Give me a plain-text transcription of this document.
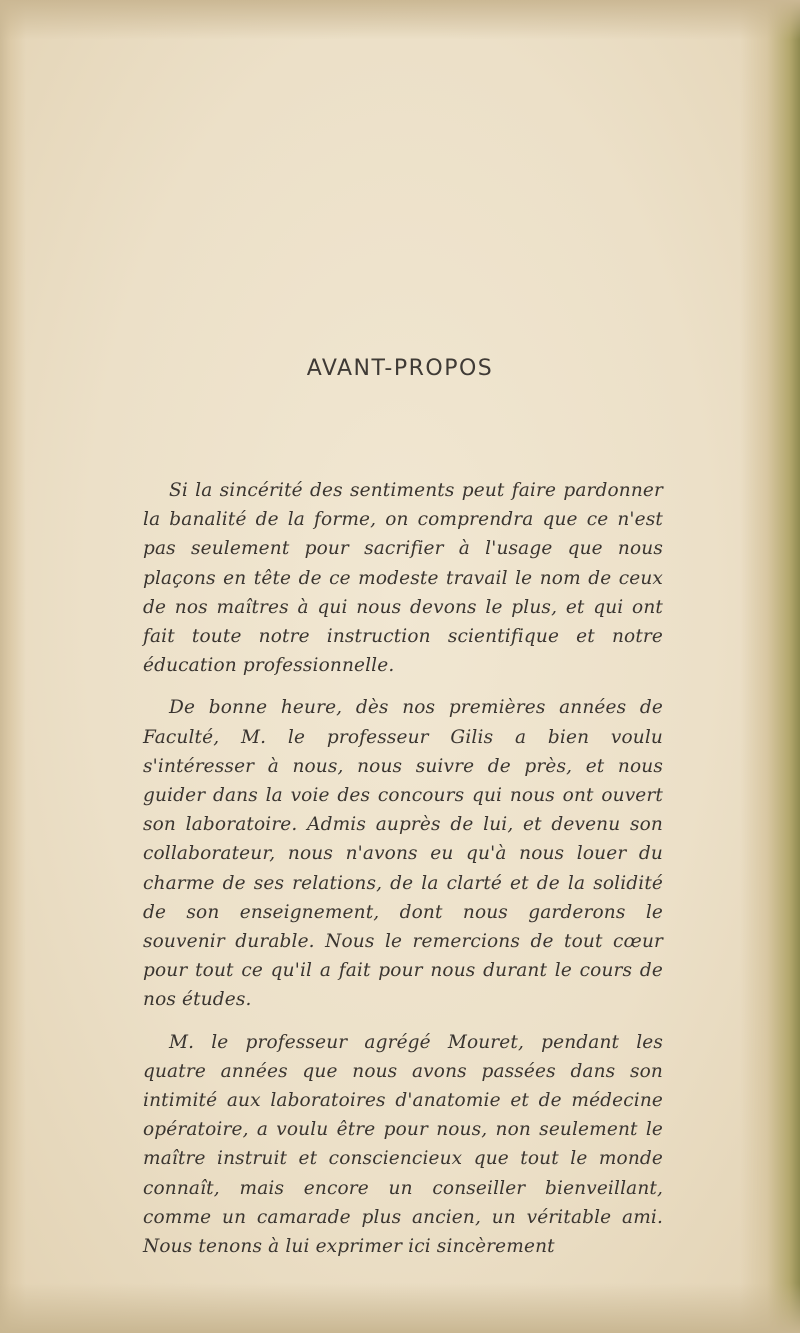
AVANT-PROPOS

Si la sincérité des sentiments peut faire pardonner la banalité de la forme, on comprendra que ce n'est pas seulement pour sacrifier à l'usage que nous plaçons en tête de ce modeste travail le nom de ceux de nos maîtres à qui nous devons le plus, et qui ont fait toute notre instruction scientifique et notre éducation professionnelle.

De bonne heure, dès nos premières années de Faculté, M. le professeur Gilis a bien voulu s'intéresser à nous, nous suivre de près, et nous guider dans la voie des concours qui nous ont ouvert son laboratoire. Admis auprès de lui, et devenu son collaborateur, nous n'avons eu qu'à nous louer du charme de ses relations, de la clarté et de la solidité de son enseignement, dont nous garderons le souvenir durable. Nous le remercions de tout cœur pour tout ce qu'il a fait pour nous durant le cours de nos études.

M. le professeur agrégé Mouret, pendant les quatre années que nous avons passées dans son intimité aux laboratoires d'anatomie et de médecine opératoire, a voulu être pour nous, non seulement le maître instruit et consciencieux que tout le monde connaît, mais encore un conseiller bienveillant, comme un camarade plus ancien, un véritable ami. Nous tenons à lui exprimer ici sincèrement
